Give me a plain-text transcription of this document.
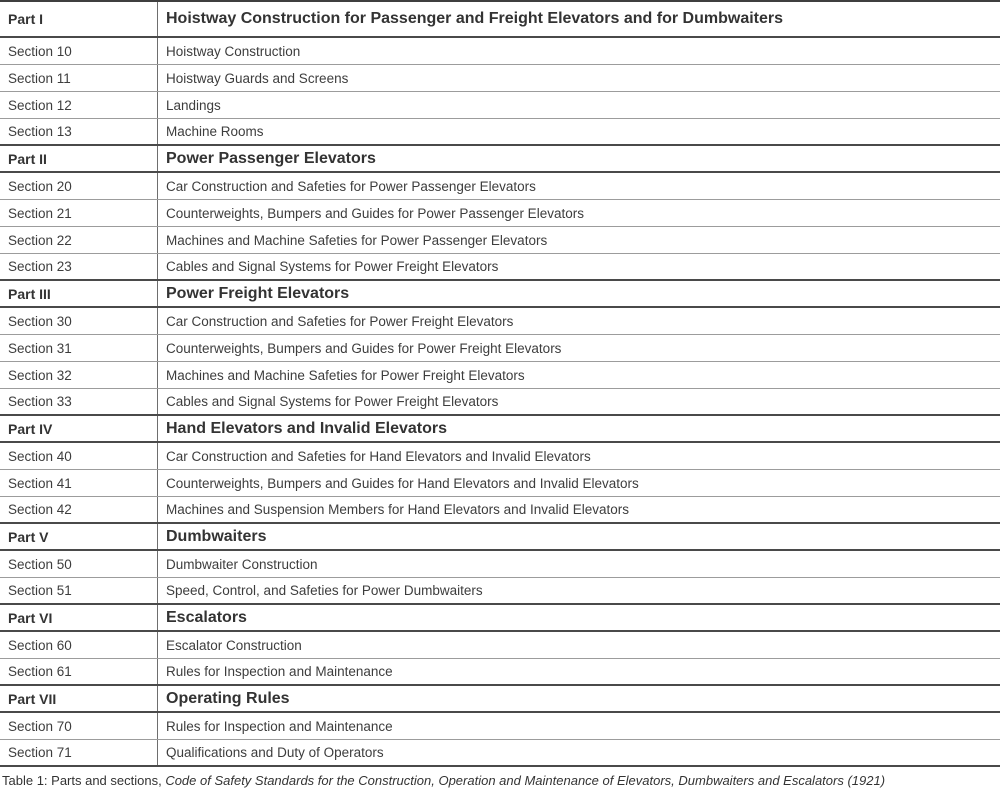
Part I	Hoistway Construction for Passenger and Freight Elevators and for Dumbwaiters
Section 10	Hoistway Construction
Section 11	Hoistway Guards and Screens
Section 12	Landings
Section 13	Machine Rooms
Part II	Power Passenger Elevators
Section 20	Car Construction and Safeties for Power Passenger Elevators
Section 21	Counterweights, Bumpers and Guides for Power Passenger Elevators
Section 22	Machines and Machine Safeties for Power Passenger Elevators
Section 23	Cables and Signal Systems for Power Freight Elevators
Part III	Power Freight Elevators
Section 30	Car Construction and Safeties for Power Freight Elevators
Section 31	Counterweights, Bumpers and Guides for Power Freight Elevators
Section 32	Machines and Machine Safeties for Power Freight Elevators
Section 33	Cables and Signal Systems for Power Freight Elevators
Part IV	Hand Elevators and Invalid Elevators
Section 40	Car Construction and Safeties for Hand Elevators and Invalid Elevators
Section 41	Counterweights, Bumpers and Guides for Hand Elevators and Invalid Elevators
Section 42	Machines and Suspension Members for Hand Elevators and Invalid Elevators
Part V	Dumbwaiters
Section 50	Dumbwaiter Construction
Section 51	Speed, Control, and Safeties for Power Dumbwaiters
Part VI	Escalators
Section 60	Escalator Construction
Section 61	Rules for Inspection and Maintenance
Part VII	Operating Rules
Section 70	Rules for Inspection and Maintenance
Section 71	Qualifications and Duty of Operators
Table 1: Parts and sections, Code of Safety Standards for the Construction, Operation and Maintenance of Elevators, Dumbwaiters and Escalators (1921)
